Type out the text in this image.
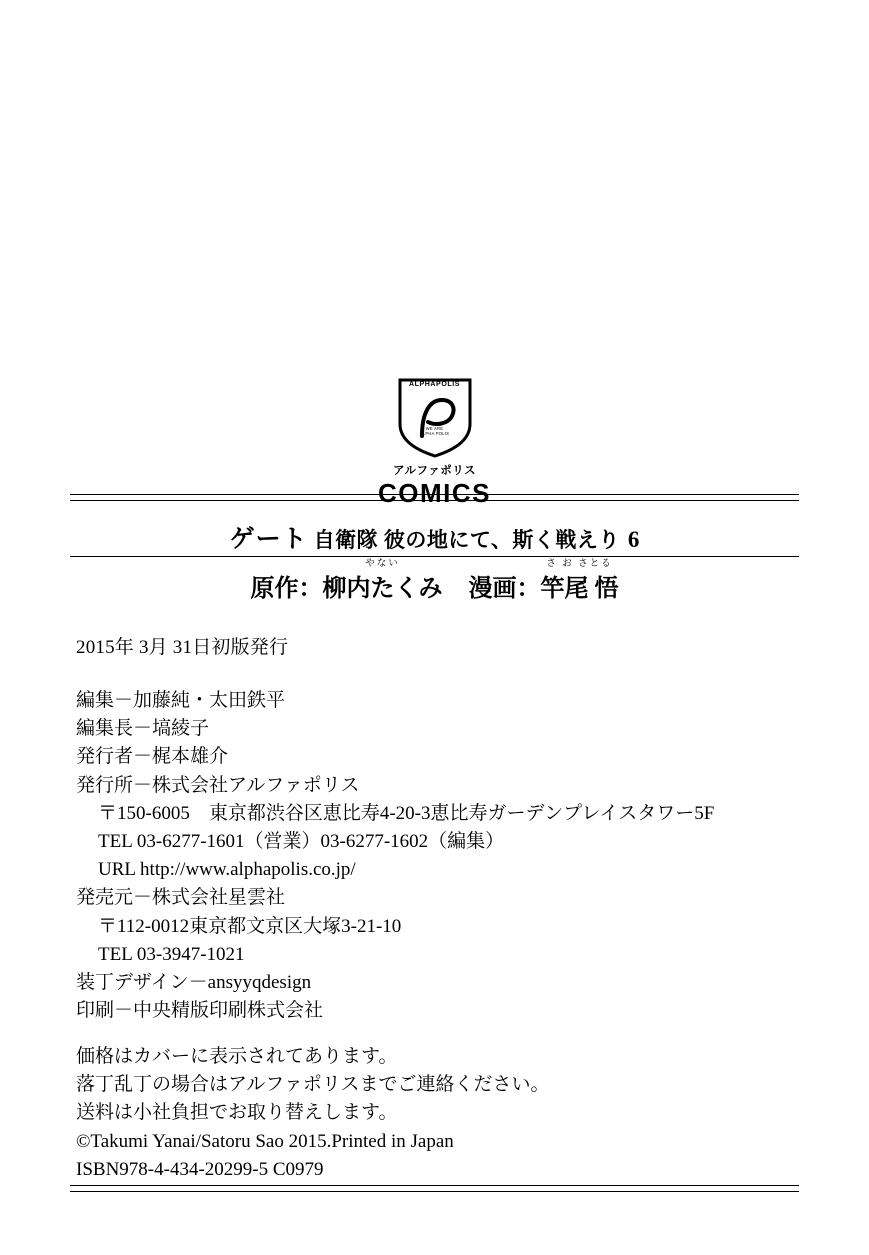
ALPHAPOLIS
WE ARE
ALPHA POLIS
アルファポリス
COMICS
ゲート 自衛隊 彼の地にて、斯く戦えり 6
原作：
やない
柳内たくみ 漫画：
さ お さとる
竿尾 悟
2015年 3月 31日初版発行
編集－加藤純・太田鉄平
編集長－塙綾子
発行者－梶本雄介
発行所－株式会社アルファポリス
〒150-6005　東京都渋谷区恵比寿4-20-3恵比寿ガーデンプレイスタワー5F
TEL 03-6277-1601（営業）03-6277-1602（編集）
URL http://www.alphapolis.co.jp/
発売元－株式会社星雲社
〒112-0012東京都文京区大塚3-21-10
TEL 03-3947-1021
装丁デザイン－ansyyqdesign
印刷－中央精版印刷株式会社
価格はカバーに表示されてあります。
落丁乱丁の場合はアルファポリスまでご連絡ください。
送料は小社負担でお取り替えします。
©Takumi Yanai/Satoru Sao 2015.Printed in Japan
ISBN978-4-434-20299-5 C0979
